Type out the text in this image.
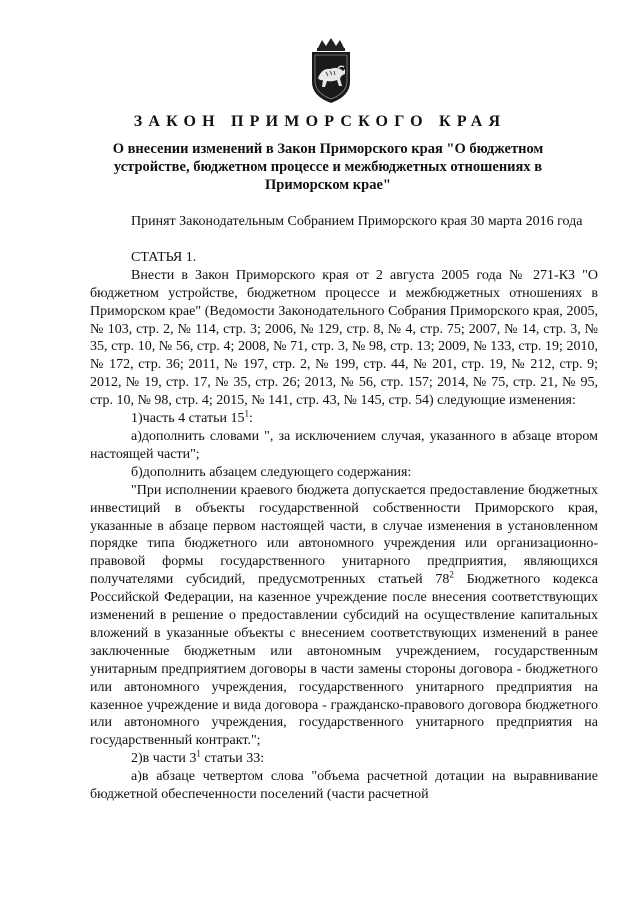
ЗАКОН ПРИМОРСКОГО КРАЯ
О внесении изменений в Закон Приморского края "О бюджетном устройстве, бюджетном процессе и межбюджетных отношениях в Приморском крае"

Принят Законодательным Собранием Приморского края 30 марта 2016 года

СТАТЬЯ 1.

Внести в Закон Приморского края от 2 августа 2005 года № 271-КЗ "О бюджетном устройстве, бюджетном процессе и межбюджетных отношениях в Приморском крае" (Ведомости Законодательного Собрания Приморского края, 2005, № 103, стр. 2, № 114, стр. 3; 2006, № 129, стр. 8, № 4, стр. 75; 2007, № 14, стр. 3, № 35, стр. 10, № 56, стр. 4; 2008, № 71, стр. 3, № 98, стр. 13; 2009, № 133, стр. 19; 2010, № 172, стр. 36; 2011, № 197, стр. 2, № 199, стр. 44, № 201, стр. 19, № 212, стр. 9; 2012, № 19, стр. 17, № 35, стр. 26; 2013, № 56, стр. 157; 2014, № 75, стр. 21, № 95, стр. 10, № 98, стр. 4; 2015, № 141, стр. 43, № 145, стр. 54) следующие изменения:

1)часть 4 статьи $15^1$:

а)дополнить словами ", за исключением случая, указанного в абзаце втором настоящей части";

б)дополнить абзацем следующего содержания:

"При исполнении краевого бюджета допускается предоставление бюджетных инвестиций в объекты государственной собственности Приморского края, указанные в абзаце первом настоящей части, в случае изменения в установленном порядке типа бюджетного или автономного учреждения или организационно-правовой формы государственного унитарного предприятия, являющихся получателями субсидий, предусмотренных статьей $78^2$ Бюджетного кодекса Российской Федерации, на казенное учреждение после внесения соответствующих изменений в решение о предоставлении субсидий на осуществление капитальных вложений в указанные объекты с внесением соответствующих изменений в ранее заключенные бюджетным или автономным учреждением, государственным унитарным предприятием договоры в части замены стороны договора - бюджетного или автономного учреждения, государственного унитарного предприятия на казенное учреждение и вида договора - гражданско-правового договора бюджетного или автономного учреждения, государственного унитарного предприятия на государственный контракт.";

2)в части $3^1$ статьи 33:

а)в абзаце четвертом слова "объема расчетной дотации на выравнивание бюджетной обеспеченности поселений (части расчетной
